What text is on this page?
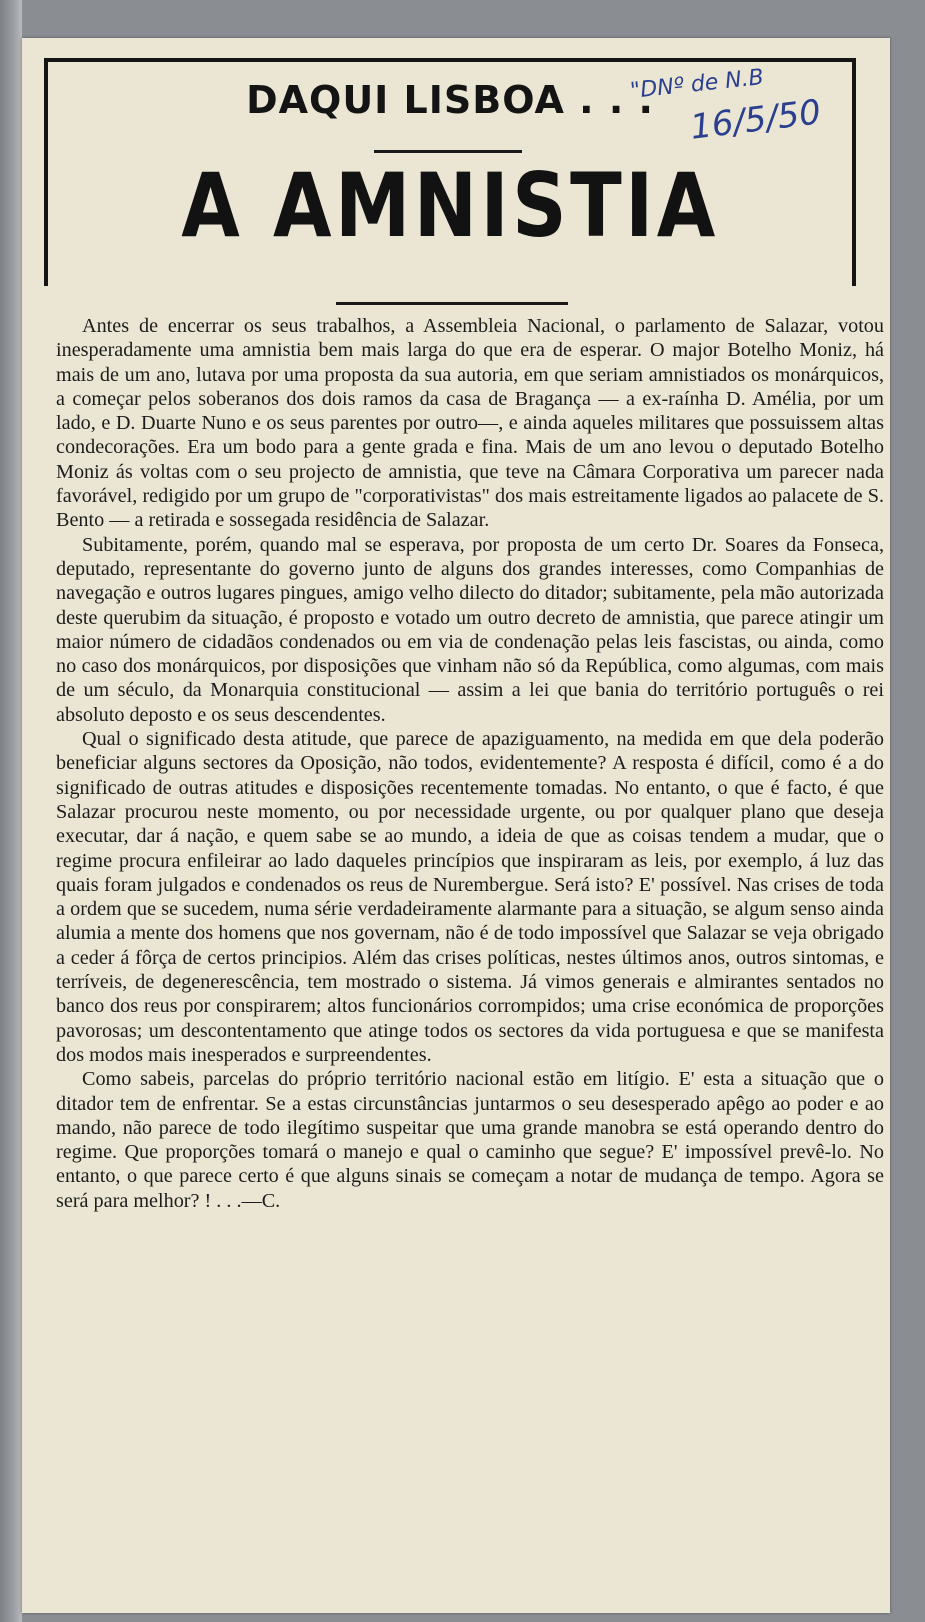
DAQUI LISBOA . . .
A AMNISTIA
"DNº de N.B
16/5/50

Antes de encerrar os seus trabalhos, a Assembleia Nacional, o parlamento de Salazar, votou inesperadamente uma amnistia bem mais larga do que era de esperar. O major Botelho Moniz, há mais de um ano, lutava por uma proposta da sua autoria, em que seriam amnistiados os monárquicos, a começar pelos soberanos dos dois ramos da casa de Bragança — a ex-raínha D. Amélia, por um lado, e D. Duarte Nuno e os seus parentes por outro—, e ainda aqueles militares que possuissem altas condecorações. Era um bodo para a gente grada e fina. Mais de um ano levou o deputado Botelho Moniz ás voltas com o seu projecto de amnistia, que teve na Câmara Corporativa um parecer nada favorável, redigido por um grupo de "corporativistas" dos mais estreitamente ligados ao palacete de S. Bento — a retirada e sossegada residência de Salazar.

Subitamente, porém, quando mal se esperava, por proposta de um certo Dr. Soares da Fonseca, deputado, representante do governo junto de alguns dos grandes interesses, como Companhias de navegação e outros lugares pingues, amigo velho dilecto do ditador; subitamente, pela mão autorizada deste querubim da situação, é proposto e votado um outro decreto de amnistia, que parece atingir um maior número de cidadãos condenados ou em via de condenação pelas leis fascistas, ou ainda, como no caso dos monárquicos, por disposições que vinham não só da República, como algumas, com mais de um século, da Monarquia constitucional — assim a lei que bania do território português o rei absoluto deposto e os seus descendentes.

Qual o significado desta atitude, que parece de apaziguamento, na medida em que dela poderão beneficiar alguns sectores da Oposição, não todos, evidentemente? A resposta é difícil, como é a do significado de outras atitudes e disposições recentemente tomadas. No entanto, o que é facto, é que Salazar procurou neste momento, ou por necessidade urgente, ou por qualquer plano que deseja executar, dar á nação, e quem sabe se ao mundo, a ideia de que as coisas tendem a mudar, que o regime procura enfileirar ao lado daqueles princípios que inspiraram as leis, por exemplo, á luz das quais foram julgados e condenados os reus de Nurembergue. Será isto? E' possível. Nas crises de toda a ordem que se sucedem, numa série verdadeiramente alarmante para a situação, se algum senso ainda alumia a mente dos homens que nos governam, não é de todo impossível que Salazar se veja obrigado a ceder á fôrça de certos principios. Além das crises políticas, nestes últimos anos, outros sintomas, e terríveis, de degenerescência, tem mostrado o sistema. Já vimos generais e almirantes sentados no banco dos reus por conspirarem; altos funcionários corrompidos; uma crise económica de proporções pavorosas; um descontentamento que atinge todos os sectores da vida portuguesa e que se manifesta dos modos mais inesperados e surpreendentes.

Como sabeis, parcelas do próprio território nacional estão em litígio. E' esta a situação que o ditador tem de enfrentar. Se a estas circunstâncias juntarmos o seu desesperado apêgo ao poder e ao mando, não parece de todo ilegítimo suspeitar que uma grande manobra se está operando dentro do regime. Que proporções tomará o manejo e qual o caminho que segue? E' impossível prevê-lo. No entanto, o que parece certo é que alguns sinais se começam a notar de mudança de tempo. Agora se será para melhor? ! . . .—C.
